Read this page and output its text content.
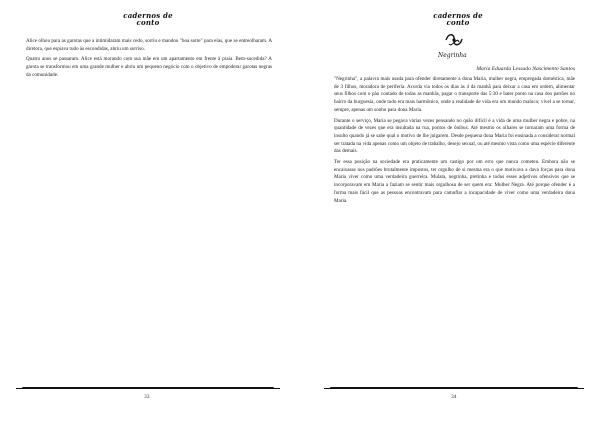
cadernos de
conto

Alice olhou para as garotas que a intimidaram mais cedo, sorriu e mandou "boa sorte" para elas, que se entreolharam. A diretora, que espiava tudo às escondidas, abriu um sorriso.

Quatro anos se passaram. Alice está morando com sua mãe em um apartamento em frente à praia. Bem-sucedida? A garota se transformou em uma grande mulher e abriu um pequeno negócio com o objetivo de empoderar garotas negras da comunidade.

33
cadernos de
conto
Negrinha
Maria Eduarda Lessado Nascimento Santos

"Negrinha", a palavra mais usada para ofender diretamente a dona Maria, mulher negra, empregada doméstica, mãe de 3 filhos, moradora de periferia. Acorda via todos os dias às 4 da manhã para deixar a casa em ordem, alimentar seus filhos com o pão contado de todas as manhãs, pagar o transporte das 5:30 e bater ponto na casa dos patrões no bairro da burguesia, onde tudo era mais harmônico, onde a realidade de vida era um mundo maluco; vivel a se tornar, sempre, apenas um sonho para dona Maria.

Durante o serviço, Maria se pegava várias vezes pensando no quão difícil é a vida de uma mulher negra e pobre, na quantidade de vezes que era insultada na rua, pontos de ônibus. Até mesmo os olhares se tornaram uma forma de insulto quando já se sabe qual o motivo de lhe julgarem. Desde pequena dona Maria foi ensinada a considerar normal ser tratada na vida apenas como um objeto de trabalho, desejo sexual, ou até mesmo vista como uma espécie diferente das demais.

Ter essa posição na sociedade era praticamente um castigo por um erro que nunca cometeu. Embora não se encaixasse nos padrões brutalmente impostos, ter orgulho de si mesma era o que motivava a dava forças para dona Maria viver como uma verdadeira guerreira. Mulata, negrinha, pretinha e todos esses adjetivos ofensivos que se incorporavam em Maria a faziam se sentir mais orgulhosa de ser quem era: Mulher Negra. Até porque ofender é a forma mais fácil que as pessoas encontravam para camuflar a incapacidade de viver como uma verdadeira dona Maria.

34
